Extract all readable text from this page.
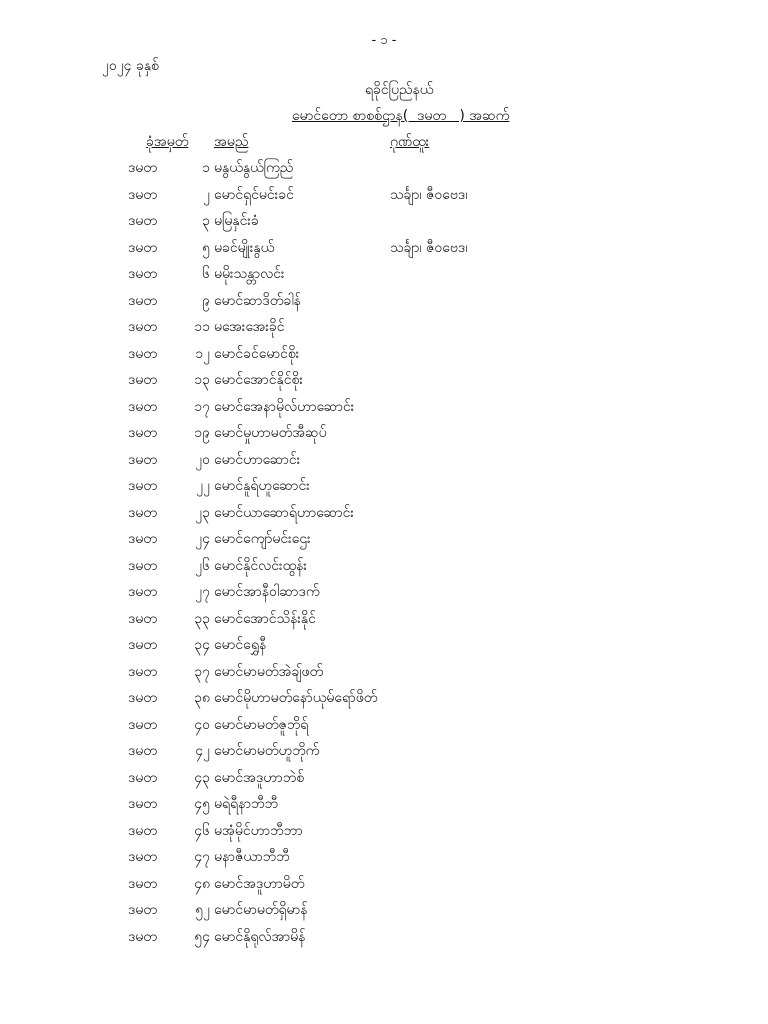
- ၁ -
၂၀၂၄ ခုနှစ်
ရခိုင်ပြည်နယ်
မောင်တော စာစစ်ဌာန(  ဒမတ   ) အဆက်
ခုံအမှတ် အမည်	ဂုဏ်ထူး
ဒမတ	၁ မနွယ်နွယ်ကြည်
ဒမတ	၂ မောင်ရှင်မင်းခင်	သင်္ချာ၊ ဇီဝဗေဒ၊
ဒမတ	၃ မမြနှင်းခံ
ဒမတ	၅ မခင်မျိုးနွယ်	သင်္ချာ၊ ဇီဝဗေဒ၊
ဒမတ	၆ မမိုးသန္တာလင်း
ဒမတ	၉ မောင်ဆာဒိတ်ခါန်
ဒမတ	၁၁ မအေးအေးခိုင်
ဒမတ	၁၂ မောင်ခင်မောင်စိုး
ဒမတ	၁၃ မောင်အောင်နိုင်စိုး
ဒမတ	၁၇ မောင်အေနာမိုလ်ဟာဆောင်း
ဒမတ	၁၉ မောင်မှုဟာမတ်အီဆုပ်
ဒမတ	၂၀ မောင်ဟာဆောင်း
ဒမတ	၂၂ မောင်နူရ်ဟူဆောင်း
ဒမတ	၂၃ မောင်ယာဆောရ်ဟာဆောင်း
ဒမတ	၂၄ မောင်ကျော်မင်းဌေး
ဒမတ	၂၆ မောင်နိုင်လင်းထွန်း
ဒမတ	၂၇ မောင်အာနီဝါဆာဒက်
ဒမတ	၃၃ မောင်အောင်သိန်းနိုင်
ဒမတ	၃၄ မောင်ရွှေနီ
ဒမတ	၃၇ မောင်မာမတ်အဲချ်ဖတ်
ဒမတ	၃၈ မောင်မိုဟာမတ်နော်ယုမ်ရော်ဖိတ်
ဒမတ	၄၀ မောင်မာမတ်ဇူဘိုရ်
ဒမတ	၄၂ မောင်မာမတ်ဟူဘိုက်
ဒမတ	၄၃ မောင်အဒူဟာဘဲစ်
ဒမတ	၄၅ မရဲရီနာဘီဘီ
ဒမတ	၄၆ မအုံမိုင်ဟာဘီဘာ
ဒမတ	၄၇ မနာဇီယာဘီဘီ
ဒမတ	၄၈ မောင်အဒူဟာမိတ်
ဒမတ	၅၂ မောင်မာမတ်ရှိမာန်
ဒမတ	၅၄ မောင်နိုရုလ်အာမိန်
